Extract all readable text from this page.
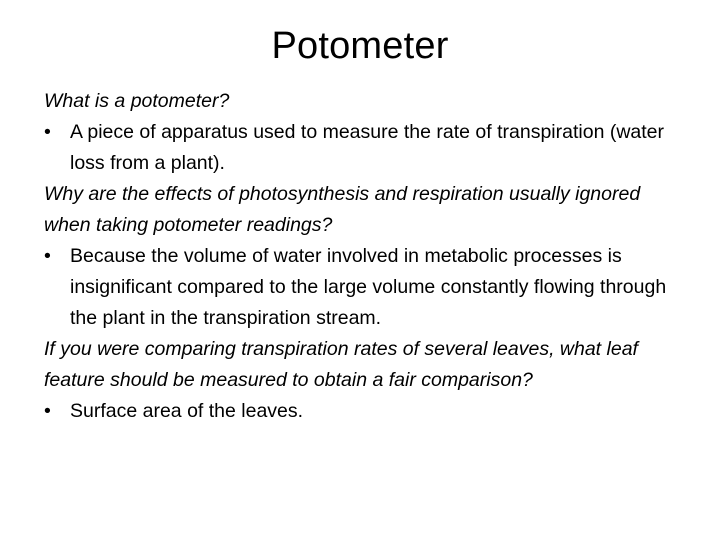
Potometer

What is a potometer?

• A piece of apparatus used to measure the rate of transpiration (water loss from a plant).

Why are the effects of photosynthesis and respiration usually ignored when taking potometer readings?

• Because the volume of water involved in metabolic processes is insignificant compared to the large volume constantly flowing through the plant in the transpiration stream.

If you were comparing transpiration rates of several leaves, what leaf feature should be measured to obtain a fair comparison?

• Surface area of the leaves.
